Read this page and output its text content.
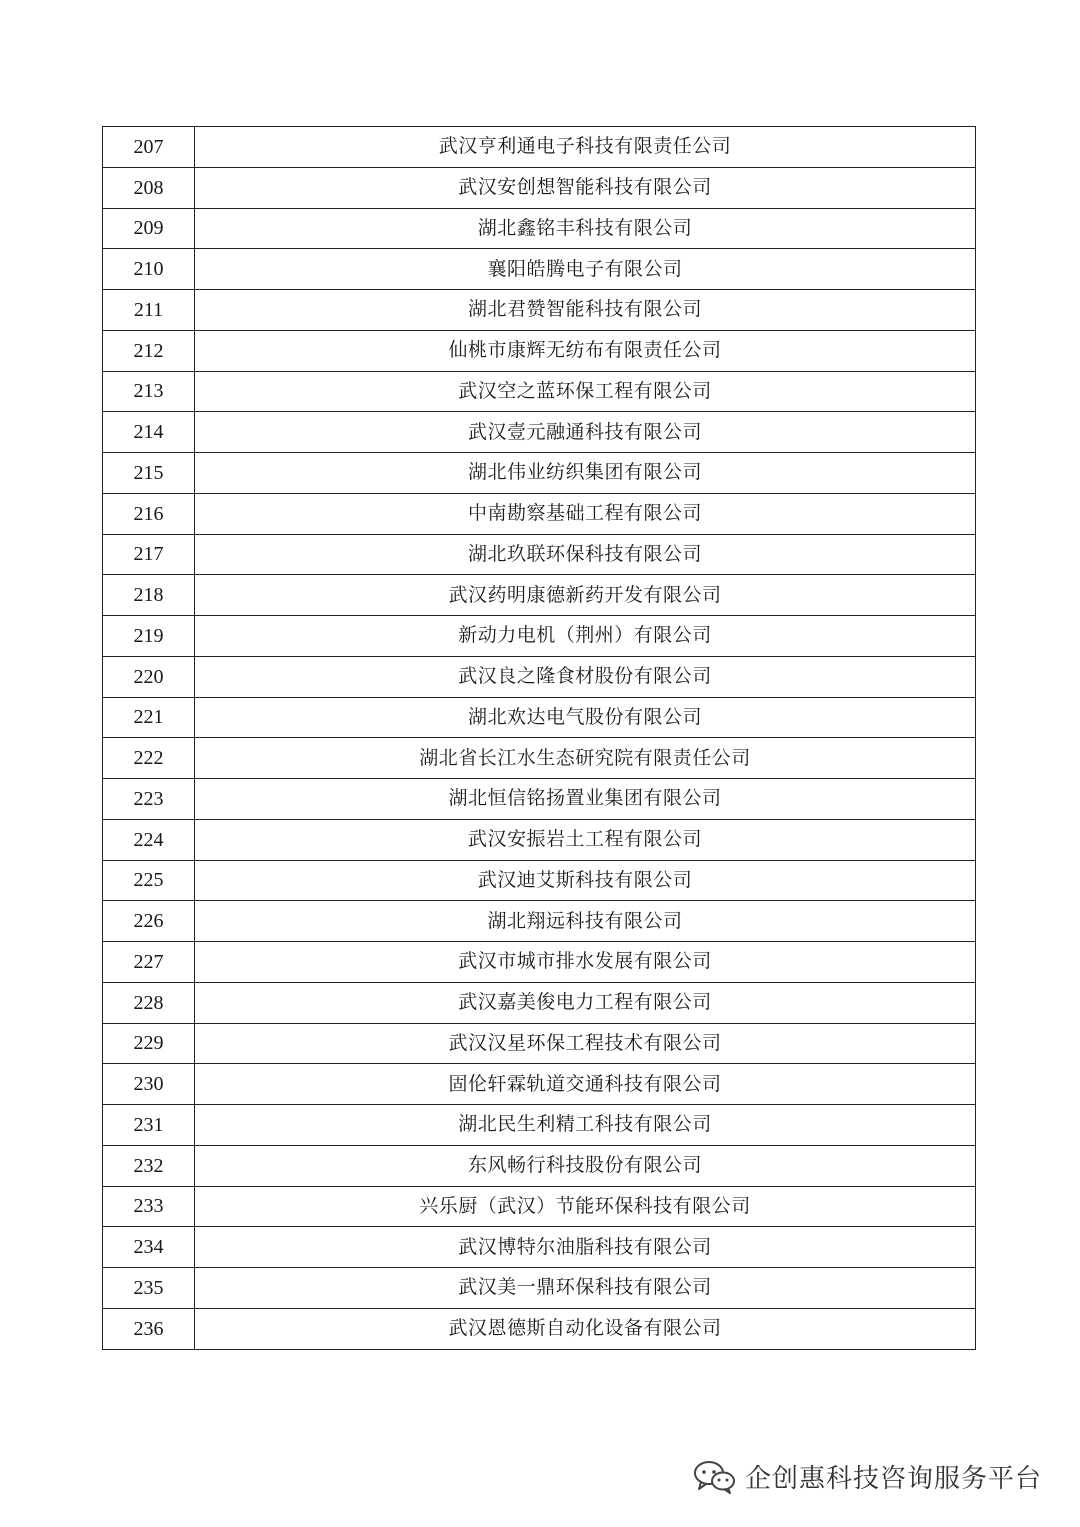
207	武汉亨利通电子科技有限责任公司
208	武汉安创想智能科技有限公司
209	湖北鑫铭丰科技有限公司
210	襄阳皓腾电子有限公司
211	湖北君赞智能科技有限公司
212	仙桃市康辉无纺布有限责任公司
213	武汉空之蓝环保工程有限公司
214	武汉壹元融通科技有限公司
215	湖北伟业纺织集团有限公司
216	中南勘察基础工程有限公司
217	湖北玖联环保科技有限公司
218	武汉药明康德新药开发有限公司
219	新动力电机（荆州）有限公司
220	武汉良之隆食材股份有限公司
221	湖北欢达电气股份有限公司
222	湖北省长江水生态研究院有限责任公司
223	湖北恒信铭扬置业集团有限公司
224	武汉安振岩土工程有限公司
225	武汉迪艾斯科技有限公司
226	湖北翔远科技有限公司
227	武汉市城市排水发展有限公司
228	武汉嘉美俊电力工程有限公司
229	武汉汉星环保工程技术有限公司
230	固伦轩霖轨道交通科技有限公司
231	湖北民生利精工科技有限公司
232	东风畅行科技股份有限公司
233	兴乐厨（武汉）节能环保科技有限公司
234	武汉博特尔油脂科技有限公司
235	武汉美一鼎环保科技有限公司
236	武汉恩德斯自动化设备有限公司
企创惠科技咨询服务平台
